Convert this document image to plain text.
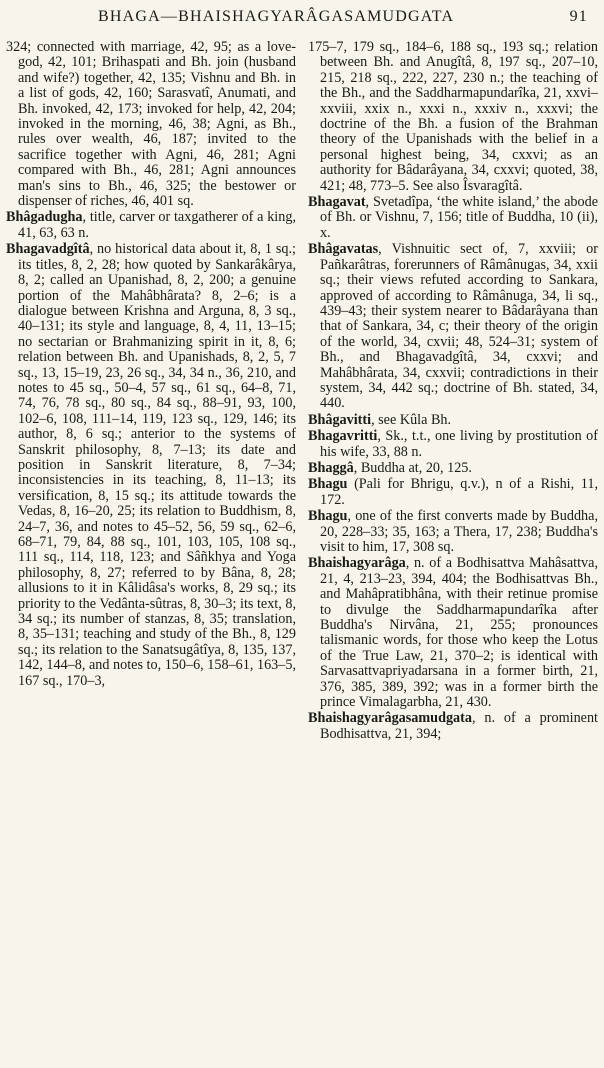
BHAGA—BHAISHAGYARÂGASAMUDGATA	91

324; connected with marriage, 42, 95; as a love-god, 42, 101; Brihaspati and Bh. join (husband and wife?) together, 42, 135; Vishnu and Bh. in a list of gods, 42, 160; Sarasvatî, Anumati, and Bh. invoked, 42, 173; invoked for help, 42, 204; invoked in the morning, 46, 38; Agni, as Bh., rules over wealth, 46, 187; invited to the sacrifice together with Agni, 46, 281; Agni compared with Bh., 46, 281; Agni announces man's sins to Bh., 46, 325; the bestower or dispenser of riches, 46, 401 sq.

Bhâgadugha, title, carver or taxgatherer of a king, 41, 63, 63 n.

Bhagavadgîtâ, no historical data about it, 8, 1 sq.; its titles, 8, 2, 28; how quoted by Sankarâkârya, 8, 2; called an Upanishad, 8, 2, 200; a genuine portion of the Mahâbhârata? 8, 2–6; is a dialogue between Krishna and Arguna, 8, 3 sq., 40–131; its style and language, 8, 4, 11, 13–15; no sectarian or Brahmanizing spirit in it, 8, 6; relation between Bh. and Upanishads, 8, 2, 5, 7 sq., 13, 15–19, 23, 26 sq., 34, 34 n., 36, 210, and notes to 45 sq., 50–4, 57 sq., 61 sq., 64–8, 71, 74, 76, 78 sq., 80 sq., 84 sq., 88–91, 93, 100, 102–6, 108, 111–14, 119, 123 sq., 129, 146; its author, 8, 6 sq.; anterior to the systems of Sanskrit philosophy, 8, 7–13; its date and position in Sanskrit literature, 8, 7–34; inconsistencies in its teaching, 8, 11–13; its versification, 8, 15 sq.; its attitude towards the Vedas, 8, 16–20, 25; its relation to Buddhism, 8, 24–7, 36, and notes to 45–52, 56, 59 sq., 62–6, 68–71, 79, 84, 88 sq., 101, 103, 105, 108 sq., 111 sq., 114, 118, 123; and Sâñkhya and Yoga philosophy, 8, 27; referred to by Bâna, 8, 28; allusions to it in Kâlidâsa's works, 8, 29 sq.; its priority to the Vedânta-sûtras, 8, 30–3; its text, 8, 34 sq.; its number of stanzas, 8, 35; translation, 8, 35–131; teaching and study of the Bh., 8, 129 sq.; its relation to the Sanatsugâtîya, 8, 135, 137, 142, 144–8, and notes to, 150–6, 158–61, 163–5, 167 sq., 170–3,

175–7, 179 sq., 184–6, 188 sq., 193 sq.; relation between Bh. and Anugîtâ, 8, 197 sq., 207–10, 215, 218 sq., 222, 227, 230 n.; the teaching of the Bh., and the Saddharmapundarîka, 21, xxvi–xxviii, xxix n., xxxi n., xxxiv n., xxxvi; the doctrine of the Bh. a fusion of the Brahman theory of the Upanishads with the belief in a personal highest being, 34, cxxvi; as an authority for Bâdarâyana, 34, cxxvi; quoted, 38, 421; 48, 773–5. See also Îsvaragîtâ.

Bhagavat, Svetadîpa, ‘the white island,’ the abode of Bh. or Vishnu, 7, 156; title of Buddha, 10 (ii), x.

Bhâgavatas, Vishnuitic sect of, 7, xxviii; or Pañkarâtras, forerunners of Râmânugas, 34, xxii sq.; their views refuted according to Sankara, approved of according to Râmânuga, 34, li sq., 439–43; their system nearer to Bâdarâyana than that of Sankara, 34, c; their theory of the origin of the world, 34, cxvii; 48, 524–31; system of Bh., and Bhagavadgîtâ, 34, cxxvi; and Mahâbhârata, 34, cxxvii; contradictions in their system, 34, 442 sq.; doctrine of Bh. stated, 34, 440.

Bhâgavitti, see Kûla Bh.

Bhagavritti, Sk., t.t., one living by prostitution of his wife, 33, 88 n.

Bhaggâ, Buddha at, 20, 125.

Bhagu (Pali for Bhrigu, q.v.), n of a Rishi, 11, 172.

Bhagu, one of the first converts made by Buddha, 20, 228–33; 35, 163; a Thera, 17, 238; Buddha's visit to him, 17, 308 sq.

Bhaishagyarâga, n. of a Bodhisattva Mahâsattva, 21, 4, 213–23, 394, 404; the Bodhisattvas Bh., and Mahâpratibhâna, with their retinue promise to divulge the Saddharmapundarîka after Buddha's Nirvâna, 21, 255; pronounces talismanic words, for those who keep the Lotus of the True Law, 21, 370–2; is identical with Sarvasattvapriyadarsana in a former birth, 21, 376, 385, 389, 392; was in a former birth the prince Vimalagarbha, 21, 430.

Bhaishagyarâgasamudgata, n. of a prominent Bodhisattva, 21, 394;
